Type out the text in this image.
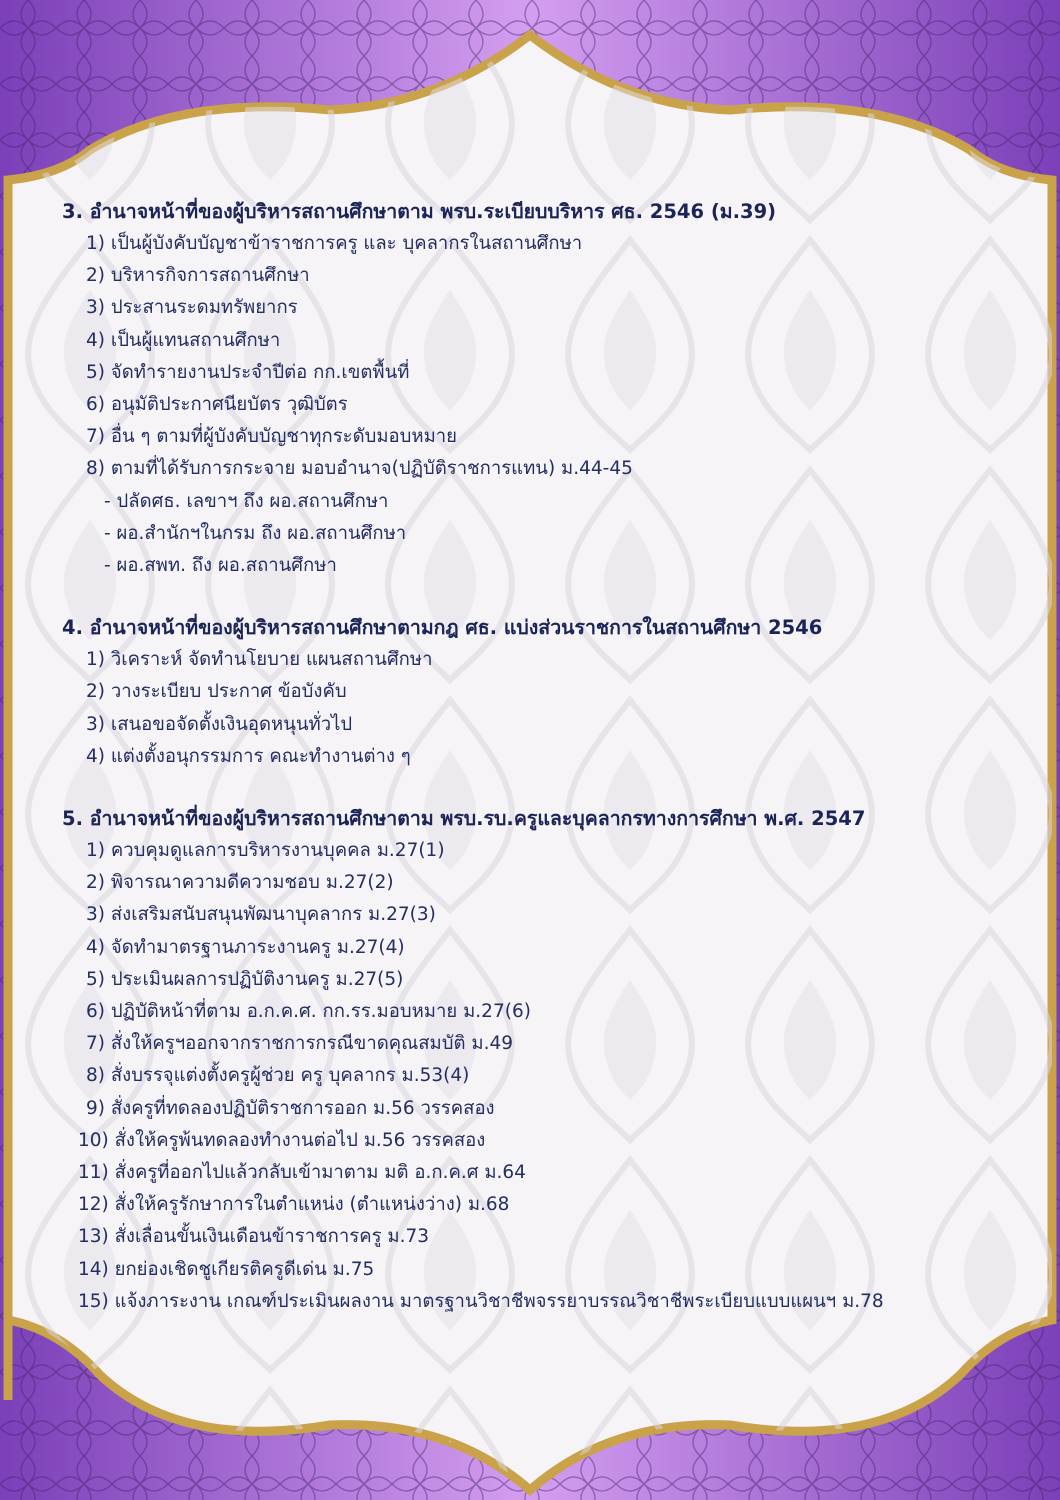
3. อำนาจหน้าที่ของผู้บริหารสถานศึกษาตาม พรบ.ระเบียบบริหาร ศธ. 2546 (ม.39)
1) เป็นผู้บังคับบัญชาข้าราชการครู และ บุคลากรในสถานศึกษา
2) บริหารกิจการสถานศึกษา
3) ประสานระดมทรัพยากร
4) เป็นผู้แทนสถานศึกษา
5) จัดทำรายงานประจำปีต่อ กก.เขตพื้นที่
6) อนุมัติประกาศนียบัตร วุฒิบัตร
7) อื่น ๆ ตามที่ผู้บังคับบัญชาทุกระดับมอบหมาย
8) ตามที่ได้รับการกระจาย มอบอำนาจ(ปฏิบัติราชการแทน) ม.44-45
- ปลัดศธ. เลขาฯ ถึง ผอ.สถานศึกษา
- ผอ.สำนักฯในกรม ถึง ผอ.สถานศึกษา
- ผอ.สพท. ถึง ผอ.สถานศึกษา
4. อำนาจหน้าที่ของผู้บริหารสถานศึกษาตามกฎ ศธ. แบ่งส่วนราชการในสถานศึกษา 2546
1) วิเคราะห์ จัดทำนโยบาย แผนสถานศึกษา
2) วางระเบียบ ประกาศ ข้อบังคับ
3) เสนอขอจัดตั้งเงินอุดหนุนทั่วไป
4) แต่งตั้งอนุกรรมการ คณะทำงานต่าง ๆ
5. อำนาจหน้าที่ของผู้บริหารสถานศึกษาตาม พรบ.รบ.ครูและบุคลากรทางการศึกษา พ.ศ. 2547
1) ควบคุมดูแลการบริหารงานบุคคล ม.27(1)
2) พิจารณาความดีความชอบ ม.27(2)
3) ส่งเสริมสนับสนุนพัฒนาบุคลากร ม.27(3)
4) จัดทำมาตรฐานภาระงานครู ม.27(4)
5) ประเมินผลการปฏิบัติงานครู ม.27(5)
6) ปฏิบัติหน้าที่ตาม อ.ก.ค.ศ. กก.รร.มอบหมาย ม.27(6)
7) สั่งให้ครูฯออกจากราชการกรณีขาดคุณสมบัติ ม.49
8) สั่งบรรจุแต่งตั้งครูผู้ช่วย ครู บุคลากร ม.53(4)
9) สั่งครูที่ทดลองปฏิบัติราชการออก ม.56 วรรคสอง
10) สั่งให้ครูพ้นทดลองทำงานต่อไป ม.56 วรรคสอง
11) สั่งครูที่ออกไปแล้วกลับเข้ามาตาม มติ อ.ก.ค.ศ ม.64
12) สั่งให้ครูรักษาการในตำแหน่ง (ตำแหน่งว่าง) ม.68
13) สั่งเลื่อนขั้นเงินเดือนข้าราชการครู ม.73
14) ยกย่องเชิดชูเกียรติครูดีเด่น ม.75
15) แจ้งภาระงาน เกณฑ์ประเมินผลงาน มาตรฐานวิชาชีพจรรยาบรรณวิชาชีพระเบียบแบบแผนฯ ม.78
